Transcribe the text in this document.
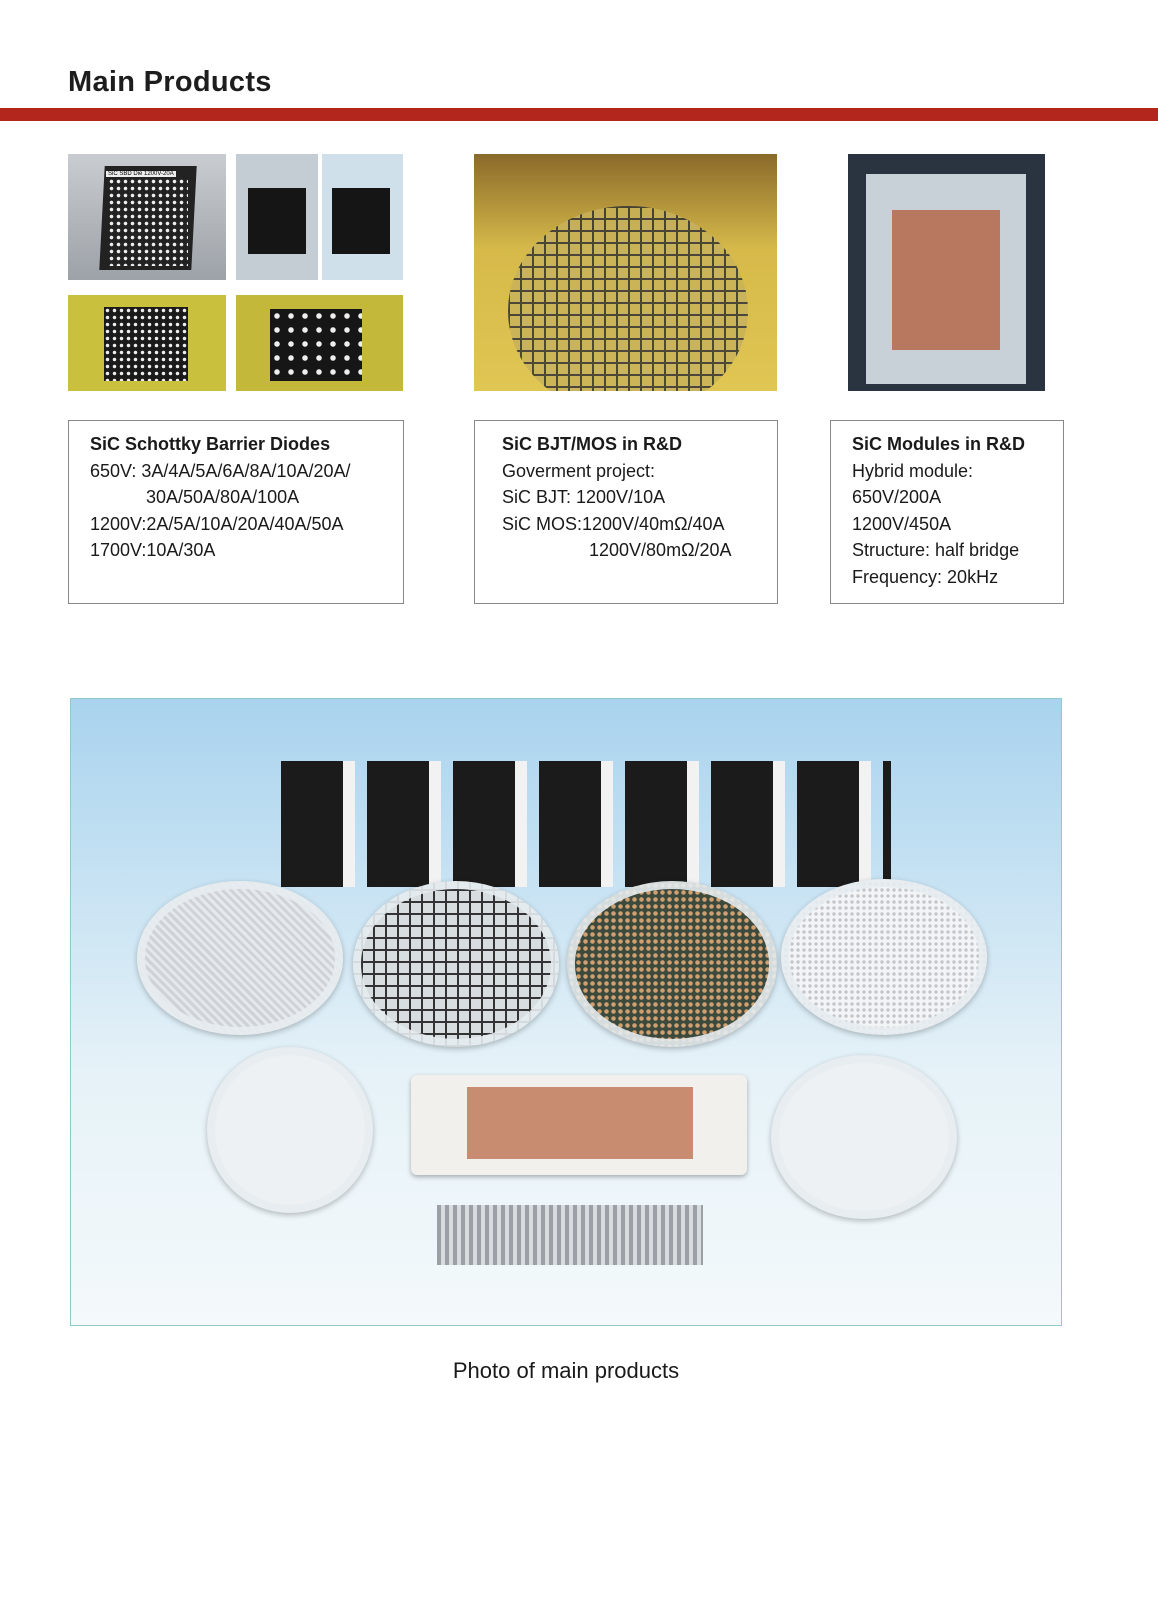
Main Products
SiC SBD Die 1200V-20A
SiC Schottky Barrier Diodes
650V: 3A/4A/5A/6A/8A/10A/20A/
30A/50A/80A/100A
1200V:2A/5A/10A/20A/40A/50A
1700V:10A/30A
SiC BJT/MOS in R&D
Goverment project:
SiC BJT: 1200V/10A
SiC MOS:1200V/40mΩ/40A
1200V/80mΩ/20A
SiC Modules in R&D
Hybrid module:
650V/200A
1200V/450A
Structure: half bridge
Frequency: 20kHz
Photo of main products
